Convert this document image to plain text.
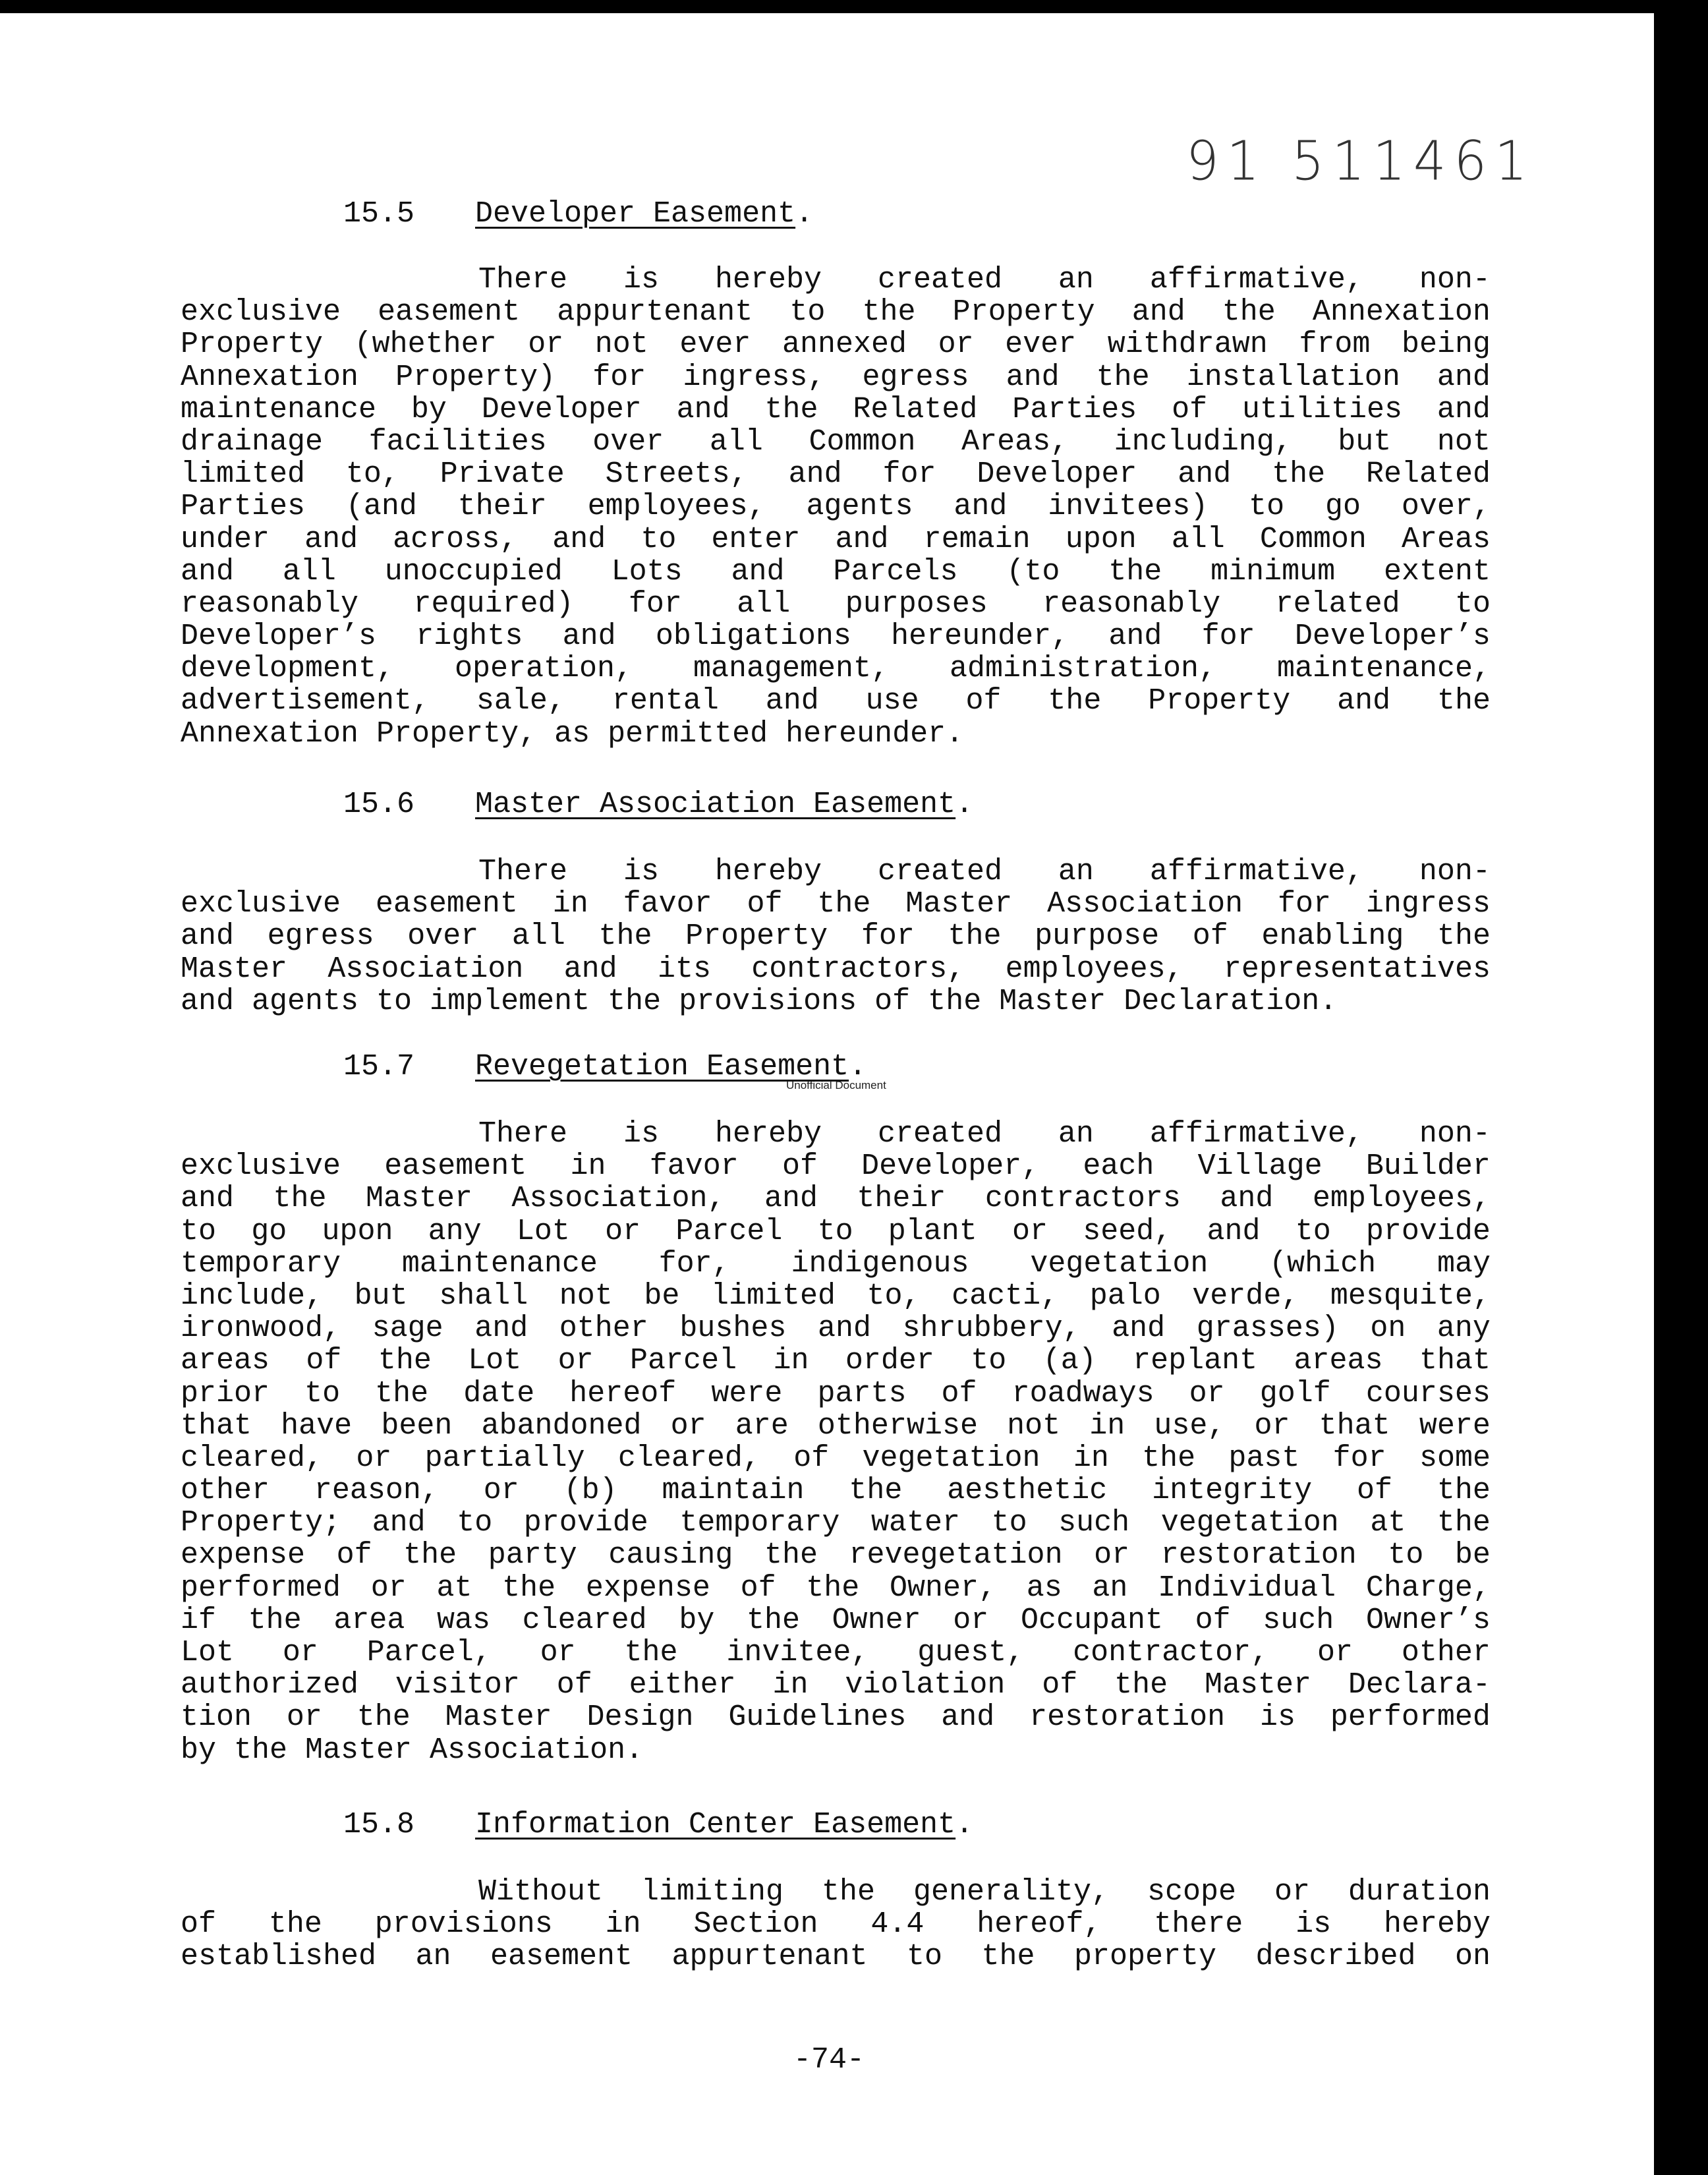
91 511461
15.5 Developer Easement.
There is hereby created an affirmative, non-
exclusive easement appurtenant to the Property and the Annexation
Property (whether or not ever annexed or ever withdrawn from being
Annexation Property) for ingress, egress and the installation and
maintenance by Developer and the Related Parties of utilities and
drainage facilities over all Common Areas, including, but not
limited to, Private Streets, and for Developer and the Related
Parties (and their employees, agents and invitees) to go over,
under and across, and to enter and remain upon all Common Areas
and all unoccupied Lots and Parcels (to the minimum extent
reasonably required) for all purposes reasonably related to
Developer’s rights and obligations hereunder, and for Developer’s
development, operation, management, administration, maintenance,
advertisement, sale, rental and use of the Property and the
Annexation Property, as permitted hereunder.
15.6 Master Association Easement.
There is hereby created an affirmative, non-
exclusive easement in favor of the Master Association for ingress
and egress over all the Property for the purpose of enabling the
Master Association and its contractors, employees, representatives
and agents to implement the provisions of the Master Declaration.
15.7 Revegetation Easement.
Unofficial Document
There is hereby created an affirmative, non-
exclusive easement in favor of Developer, each Village Builder
and the Master Association, and their contractors and employees,
to go upon any Lot or Parcel to plant or seed, and to provide
temporary maintenance for, indigenous vegetation (which may
include, but shall not be limited to, cacti, palo verde, mesquite,
ironwood, sage and other bushes and shrubbery, and grasses) on any
areas of the Lot or Parcel in order to (a) replant areas that
prior to the date hereof were parts of roadways or golf courses
that have been abandoned or are otherwise not in use, or that were
cleared, or partially cleared, of vegetation in the past for some
other reason, or (b) maintain the aesthetic integrity of the
Property; and to provide temporary water to such vegetation at the
expense of the party causing the revegetation or restoration to be
performed or at the expense of the Owner, as an Individual Charge,
if the area was cleared by the Owner or Occupant of such Owner’s
Lot or Parcel, or the invitee, guest, contractor, or other
authorized visitor of either in violation of the Master Declara-
tion or the Master Design Guidelines and restoration is performed
by the Master Association.
15.8 Information Center Easement.
Without limiting the generality, scope or duration
of the provisions in Section 4.4 hereof, there is hereby
established an easement appurtenant to the property described on
-74-
